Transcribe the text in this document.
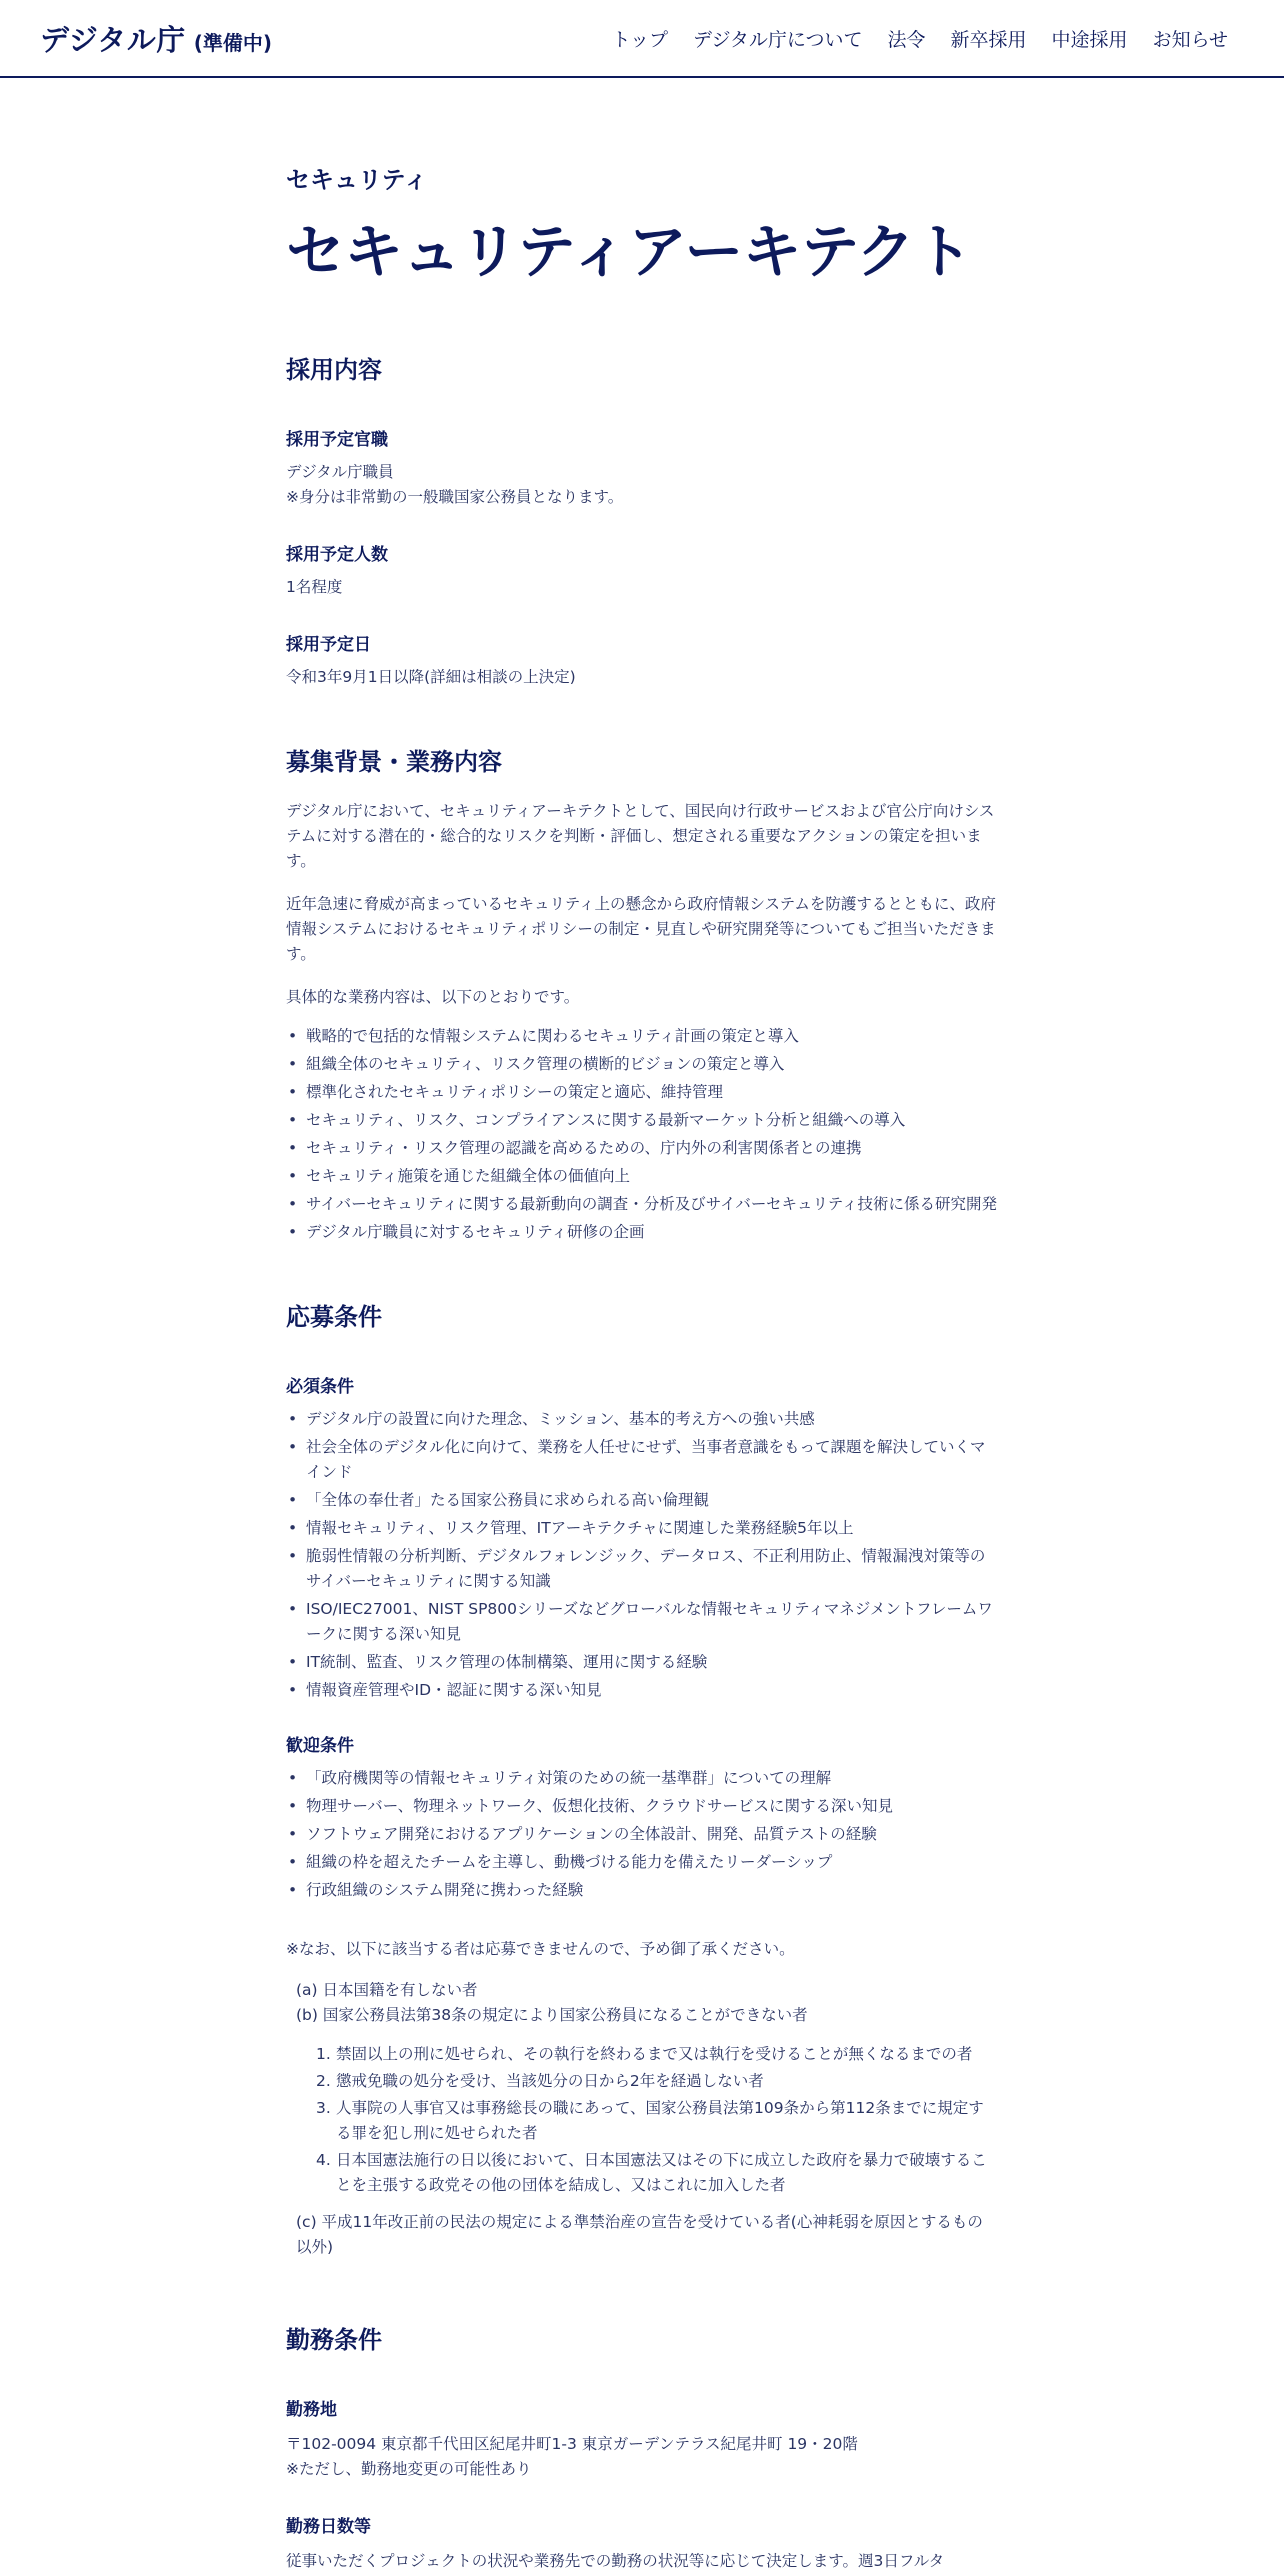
デジタル庁 (準備中)	トップ デジタル庁について 法令 新卒採用 中途採用 お知らせ
セキュリティ
セキュリティアーキテクト
採用内容
採用予定官職
デジタル庁職員
※身分は非常勤の一般職国家公務員となります。
採用予定人数

1名程度

採用予定日

令和3年9月1日以降(詳細は相談の上決定)

募集背景・業務内容

デジタル庁において、セキュリティアーキテクトとして、国民向け行政サービスおよび官公庁向けシステムに対する潜在的・総合的なリスクを判断・評価し、想定される重要なアクションの策定を担います。

近年急速に脅威が高まっているセキュリティ上の懸念から政府情報システムを防護するとともに、政府情報システムにおけるセキュリティポリシーの制定・見直しや研究開発等についてもご担当いただきます。

具体的な業務内容は、以下のとおりです。

• 戦略的で包括的な情報システムに関わるセキュリティ計画の策定と導入
• 組織全体のセキュリティ、リスク管理の横断的ビジョンの策定と導入
• 標準化されたセキュリティポリシーの策定と適応、維持管理
• セキュリティ、リスク、コンプライアンスに関する最新マーケット分析と組織への導入
• セキュリティ・リスク管理の認識を高めるための、庁内外の利害関係者との連携
• セキュリティ施策を通じた組織全体の価値向上
• サイバーセキュリティに関する最新動向の調査・分析及びサイバーセキュリティ技術に係る研究開発
• デジタル庁職員に対するセキュリティ研修の企画
応募条件
必須条件
• デジタル庁の設置に向けた理念、ミッション、基本的考え方への強い共感
• 社会全体のデジタル化に向けて、業務を人任せにせず、当事者意識をもって課題を解決していくマインド
• 「全体の奉仕者」たる国家公務員に求められる高い倫理観
• 情報セキュリティ、リスク管理、ITアーキテクチャに関連した業務経験5年以上
• 脆弱性情報の分析判断、デジタルフォレンジック、データロス、不正利用防止、情報漏洩対策等のサイバーセキュリティに関する知識
• ISO/IEC27001、NIST SP800シリーズなどグローバルな情報セキュリティマネジメントフレームワークに関する深い知見
• IT統制、監査、リスク管理の体制構築、運用に関する経験
• 情報資産管理やID・認証に関する深い知見
歓迎条件
• 「政府機関等の情報セキュリティ対策のための統一基準群」についての理解
• 物理サーバー、物理ネットワーク、仮想化技術、クラウドサービスに関する深い知見
• ソフトウェア開発におけるアプリケーションの全体設計、開発、品質テストの経験
• 組織の枠を超えたチームを主導し、動機づける能力を備えたリーダーシップ
• 行政組織のシステム開発に携わった経験

※なお、以下に該当する者は応募できませんので、予め御了承ください。

(a) 日本国籍を有しない者
(b) 国家公務員法第38条の規定により国家公務員になることができない者
1. 禁固以上の刑に処せられ、その執行を終わるまで又は執行を受けることが無くなるまでの者
2. 懲戒免職の処分を受け、当該処分の日から2年を経過しない者
3. 人事院の人事官又は事務総長の職にあって、国家公務員法第109条から第112条までに規定する罪を犯し刑に処せられた者
4. 日本国憲法施行の日以後において、日本国憲法又はその下に成立した政府を暴力で破壊することを主張する政党その他の団体を結成し、又はこれに加入した者

(c) 平成11年改正前の民法の規定による準禁治産の宣告を受けている者(心神耗弱を原因とするもの以外)

勤務条件
勤務地
〒102-0094 東京都千代田区紀尾井町1-3 東京ガーデンテラス紀尾井町 19・20階
※ただし、勤務地変更の可能性あり
勤務日数等

従事いただくプロジェクトの状況や業務先での勤務の状況等に応じて決定します。週3日フルタ
